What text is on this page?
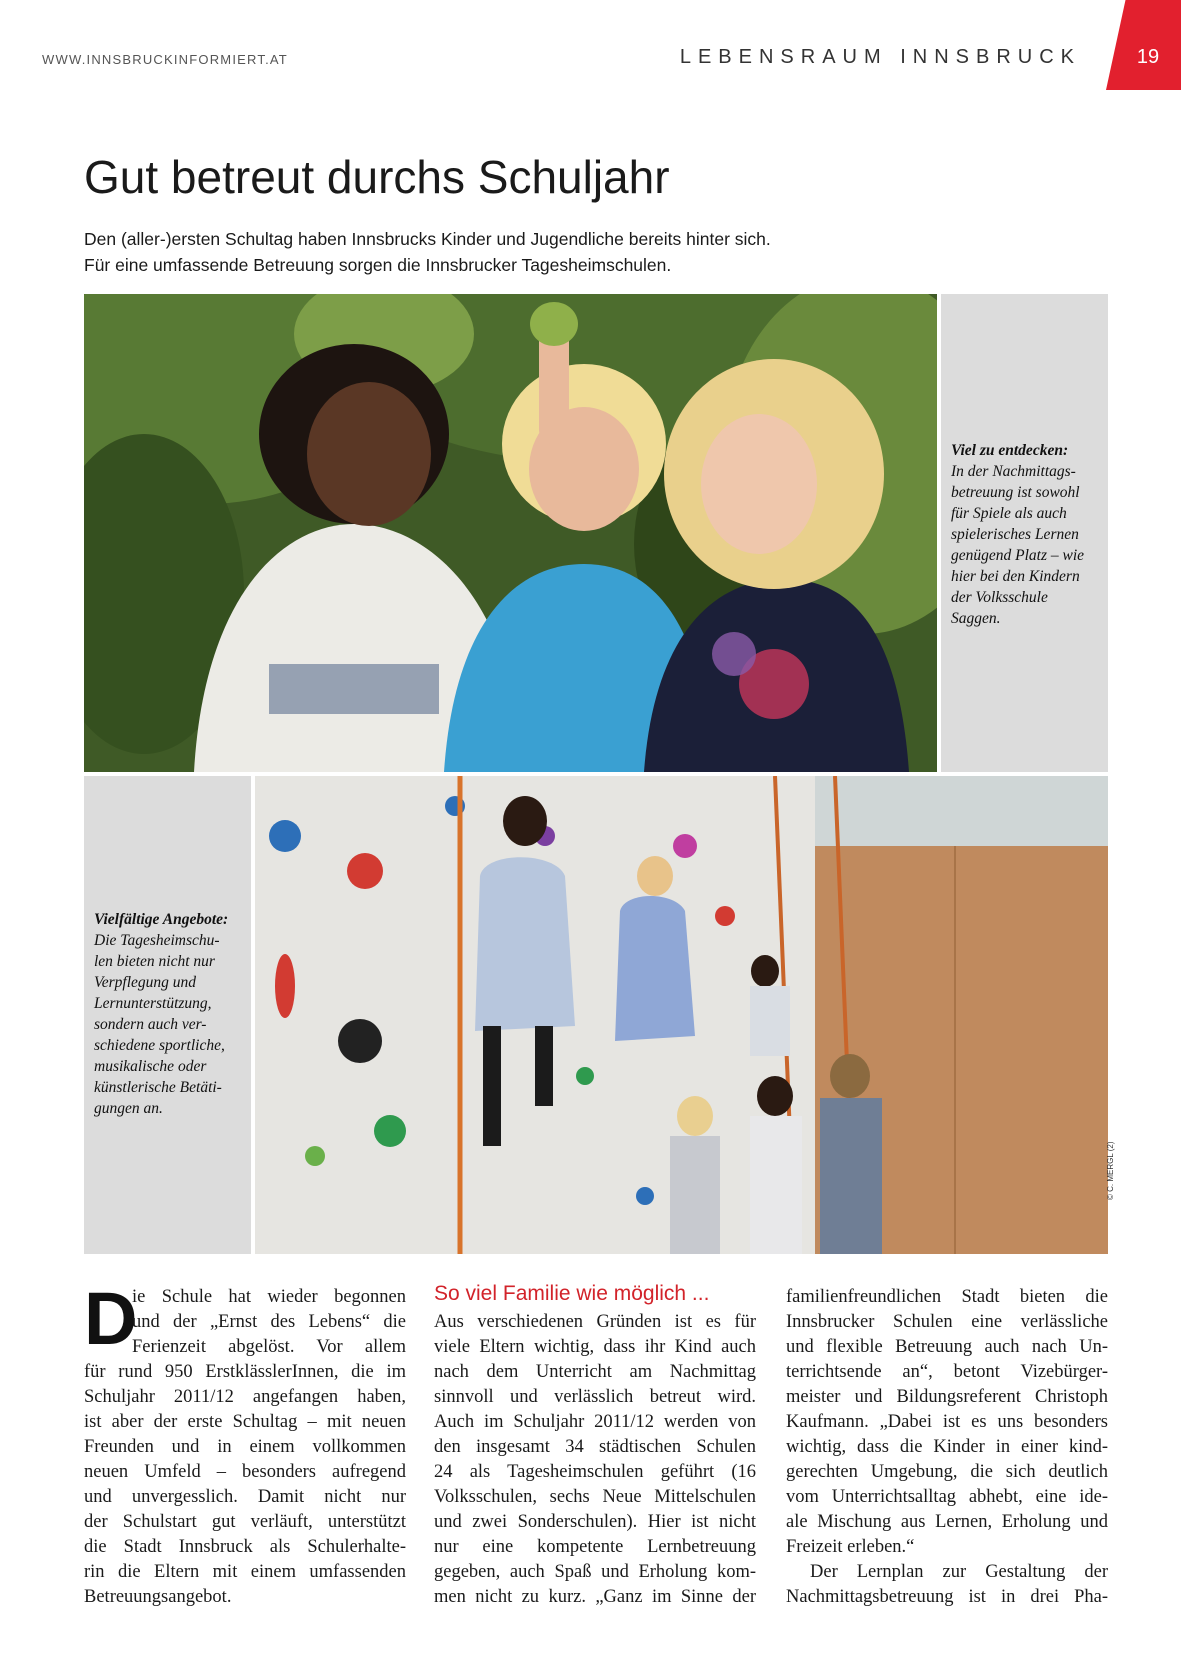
WWW.INNSBRUCKINFORMIERT.AT	LEBENSRAUM INNSBRUCK	19
Gut betreut durchs Schuljahr
Den (aller-)ersten Schultag haben Innsbrucks Kinder und Jugendliche bereits hinter sich.
Für eine umfassende Betreuung sorgen die Innsbrucker Tagesheimschulen.
Viel zu entdecken:
In der Nachmittags-
betreuung ist sowohl
für Spiele als auch
spielerisches Lernen
genügend Platz – wie
hier bei den Kindern
der Volksschule
Saggen.
Vielfältige Angebote:
Die Tagesheimschu-
len bieten nicht nur
Verpflegung und
Lernunterstützung,
sondern auch ver-
schiedene sportliche,
musikalische oder
künstlerische Betäti-
gungen an.
© C. MERGL (2)
D
ie Schule hat wieder begonnen
und der „Ernst des Lebens“ die
Ferienzeit abgelöst. Vor allem
für rund 950 ErstklässlerInnen, die im
Schuljahr 2011/12 angefangen haben,
ist aber der erste Schultag – mit neuen
Freunden und in einem vollkommen
neuen Umfeld – besonders aufregend
und unvergesslich. Damit nicht nur
der Schulstart gut verläuft, unterstützt
die Stadt Innsbruck als Schulerhalte-
rin die Eltern mit einem umfassenden
Betreuungsangebot.
So viel Familie wie möglich ...
Aus verschiedenen Gründen ist es für
viele Eltern wichtig, dass ihr Kind auch
nach dem Unterricht am Nachmittag
sinnvoll und verlässlich betreut wird.
Auch im Schuljahr 2011/12 werden von
den insgesamt 34 städtischen Schulen
24 als Tagesheimschulen geführt (16
Volksschulen, sechs Neue Mittelschulen
und zwei Sonderschulen). Hier ist nicht
nur eine kompetente Lernbetreuung
gegeben, auch Spaß und Erholung kom-
men nicht zu kurz. „Ganz im Sinne der
familienfreundlichen Stadt bieten die
Innsbrucker Schulen eine verlässliche
und flexible Betreuung auch nach Un-
terrichtsende an“, betont Vizebürger-
meister und Bildungsreferent Christoph
Kaufmann. „Dabei ist es uns besonders
wichtig, dass die Kinder in einer kind-
gerechten Umgebung, die sich deutlich
vom Unterrichtsalltag abhebt, eine ide-
ale Mischung aus Lernen, Erholung und
Freizeit erleben.“
Der Lernplan zur Gestaltung der
Nachmittagsbetreuung ist in drei Pha-
